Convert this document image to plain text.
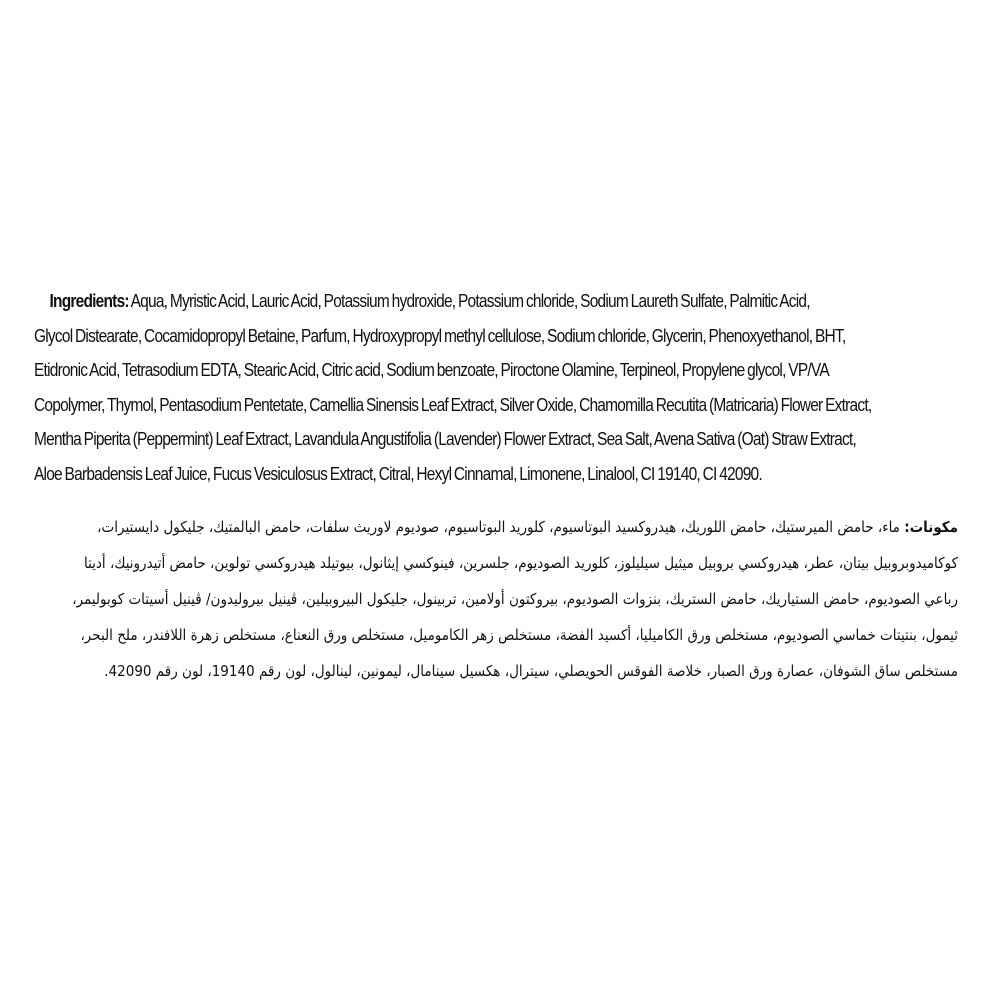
Ingredients: Aqua, Myristic Acid, Lauric Acid, Potassium hydroxide, Potassium chloride, Sodium Laureth Sulfate, Palmitic Acid,
Glycol Distearate, Cocamidopropyl Betaine, Parfum, Hydroxypropyl methyl cellulose, Sodium chloride, Glycerin, Phenoxyethanol, BHT,
Etidronic Acid, Tetrasodium EDTA, Stearic Acid, Citric acid, Sodium benzoate, Piroctone Olamine, Terpineol, Propylene glycol, VP/VA
Copolymer, Thymol, Pentasodium Pentetate, Camellia Sinensis Leaf Extract, Silver Oxide, Chamomilla Recutita (Matricaria) Flower Extract,
Mentha Piperita (Peppermint) Leaf Extract, Lavandula Angustifolia (Lavender) Flower Extract, Sea Salt, Avena Sativa (Oat) Straw Extract,
Aloe Barbadensis Leaf Juice, Fucus Vesiculosus Extract, Citral, Hexyl Cinnamal, Limonene, Linalool, CI 19140, CI 42090.
مكونات: ماء، حامض الميرستيك، حامض اللوريك، هيدروكسيد البوتاسيوم، كلوريد البوتاسيوم، صوديوم لاوريث سلفات، حامض البالمتيك، جليكول دايستيرات،
كوكاميدوبروبيل بيتان، عطر، هيدروكسي بروبيل ميثيل سيليلوز، كلوريد الصوديوم، جلسرين، فينوكسي إيثانول، بيوتيلد هيدروكسي تولوين، حامض أتيدرونيك، أديتا
رباعي الصوديوم، حامض الستياريك، حامض الستريك، بنزوات الصوديوم، بيروكتون أولامين، تربينول، جليكول البيروبيلين، ڤينيل بيروليدون/ ڤينيل أسيتات كوبوليمر،
ثيمول، بنتيتات خماسي الصوديوم، مستخلص ورق الكاميليا، أكسيد الفضة، مستخلص زهر الكاموميل، مستخلص ورق النعناع، مستخلص زهرة اللافندر، ملح البحر،
مستخلص ساق الشوفان، عصارة ورق الصبار، خلاصة الفوقس الحويصلي، سيترال، هكسيل سينامال، ليمونين، لينالول، لون رقم 19140، لون رقم 42090.
